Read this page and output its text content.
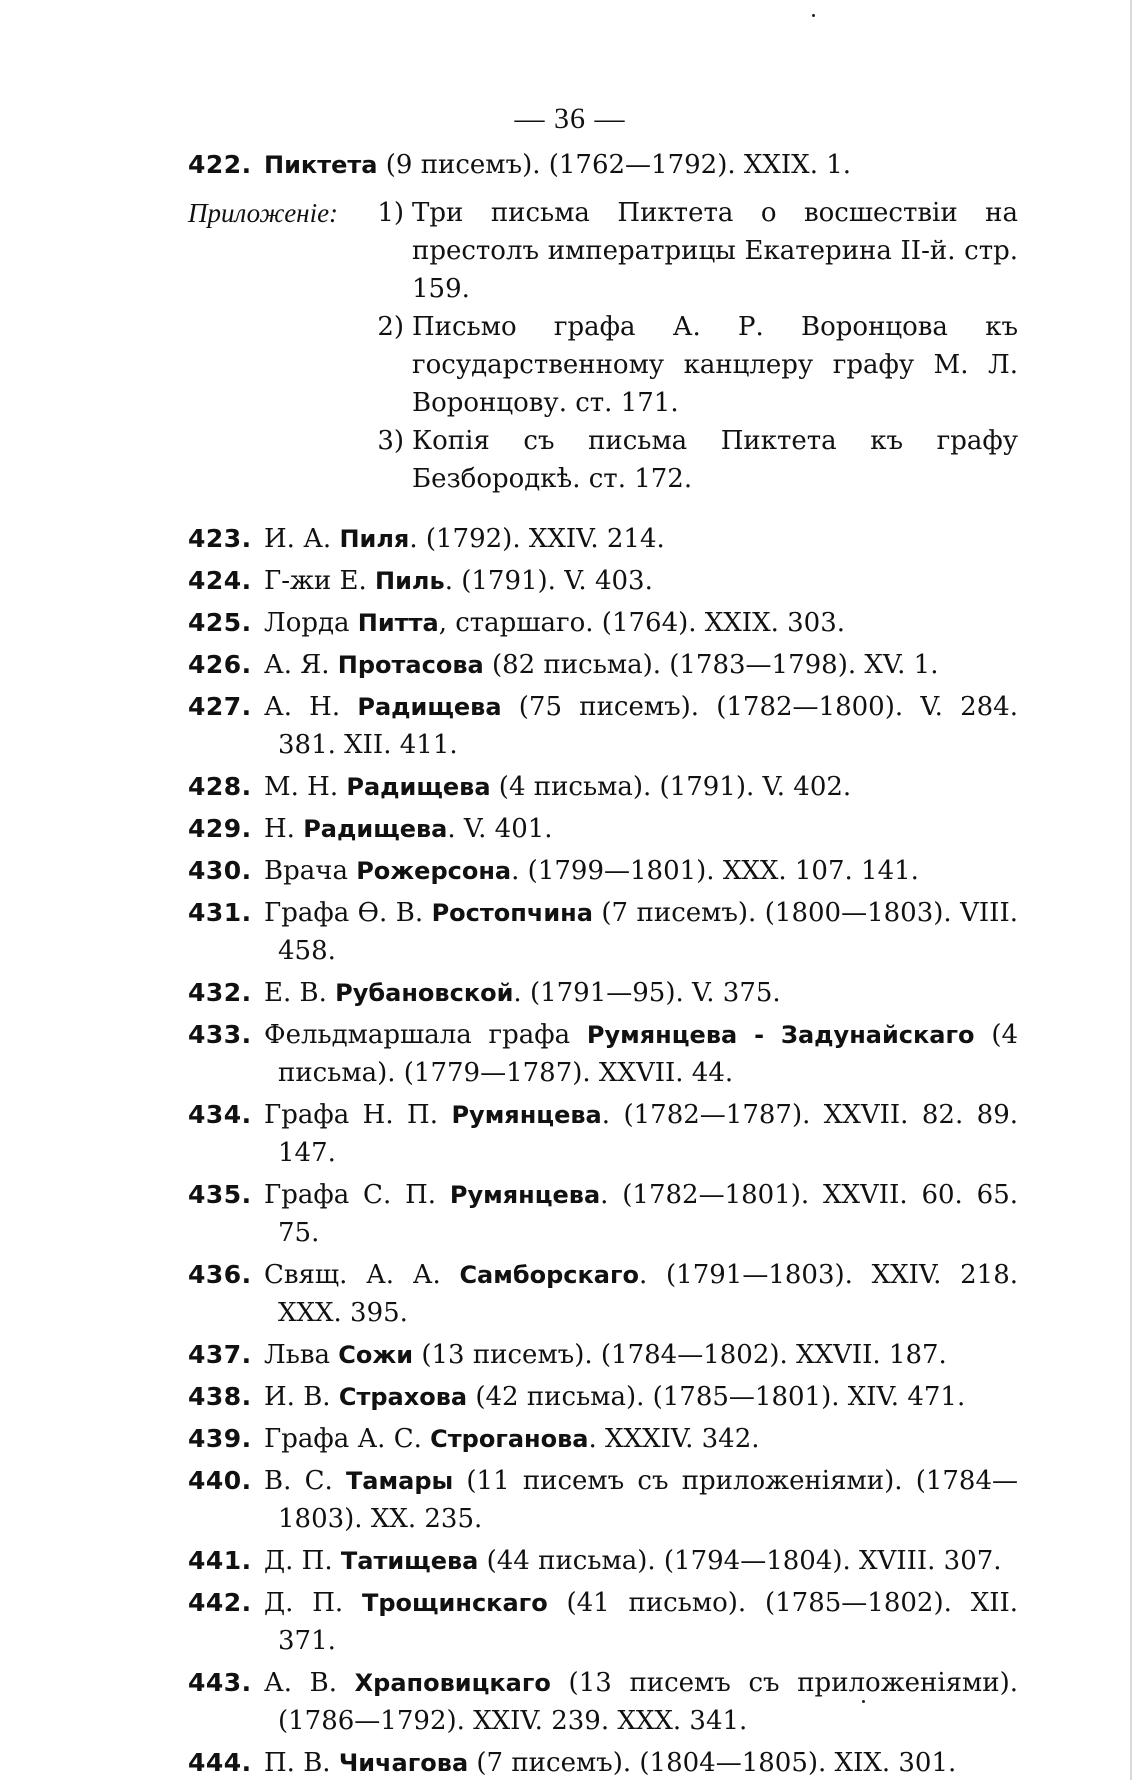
— 36 —
422. Пиктета (9 писемъ). (1762—1792). XXIX. 1.
Приложеніе:	1) Три письма Пиктета о восшествіи на престолъ императрицы Екатерина II-й. стр. 159.
2) Письмо графа А. Р. Воронцова къ государственному канцлеру графу М. Л. Воронцову. ст. 171.
3) Копія съ письма Пиктета къ графу Безбородкѣ. ст. 172.
423. И. А. Пиля. (1792). XXIV. 214.
424. Г-жи Е. Пиль. (1791). V. 403.
425. Лорда Питта, старшаго. (1764). XXIX. 303.
426. А. Я. Протасова (82 письма). (1783—1798). XV. 1.
427. А. Н. Радищева (75 писемъ). (1782—1800). V. 284. 381. XII. 411.
428. М. Н. Радищева (4 письма). (1791). V. 402.
429. Н. Радищева. V. 401.
430. Врача Рожерсона. (1799—1801). XXX. 107. 141.
431. Графа Ѳ. В. Ростопчина (7 писемъ). (1800—1803). VIII. 458.
432. Е. В. Рубановской. (1791—95). V. 375.
433. Фельдмаршала графа Румянцева - Задунайскаго (4 письма). (1779—1787). XXVII. 44.
434. Графа Н. П. Румянцева. (1782—1787). XXVII. 82. 89. 147.
435. Графа С. П. Румянцева. (1782—1801). XXVII. 60. 65. 75.
436. Свящ. А. А. Самборскаго. (1791—1803). XXIV. 218. XXX. 395.
437. Льва Сожи (13 писемъ). (1784—1802). XXVII. 187.
438. И. В. Страхова (42 письма). (1785—1801). XIV. 471.
439. Графа А. С. Строганова. XXXIV. 342.
440. В. С. Тамары (11 писемъ съ приложеніями). (1784—1803). XX. 235.
441. Д. П. Татищева (44 письма). (1794—1804). XVIII. 307.
442. Д. П. Трощинскаго (41 письмо). (1785—1802). XII. 371.
443. А. В. Храповицкаго (13 писемъ съ приложеніями). (1786—1792). XXIV. 239. XXX. 341.
444. П. В. Чичагова (7 писемъ). (1804—1805). XIX. 301.
